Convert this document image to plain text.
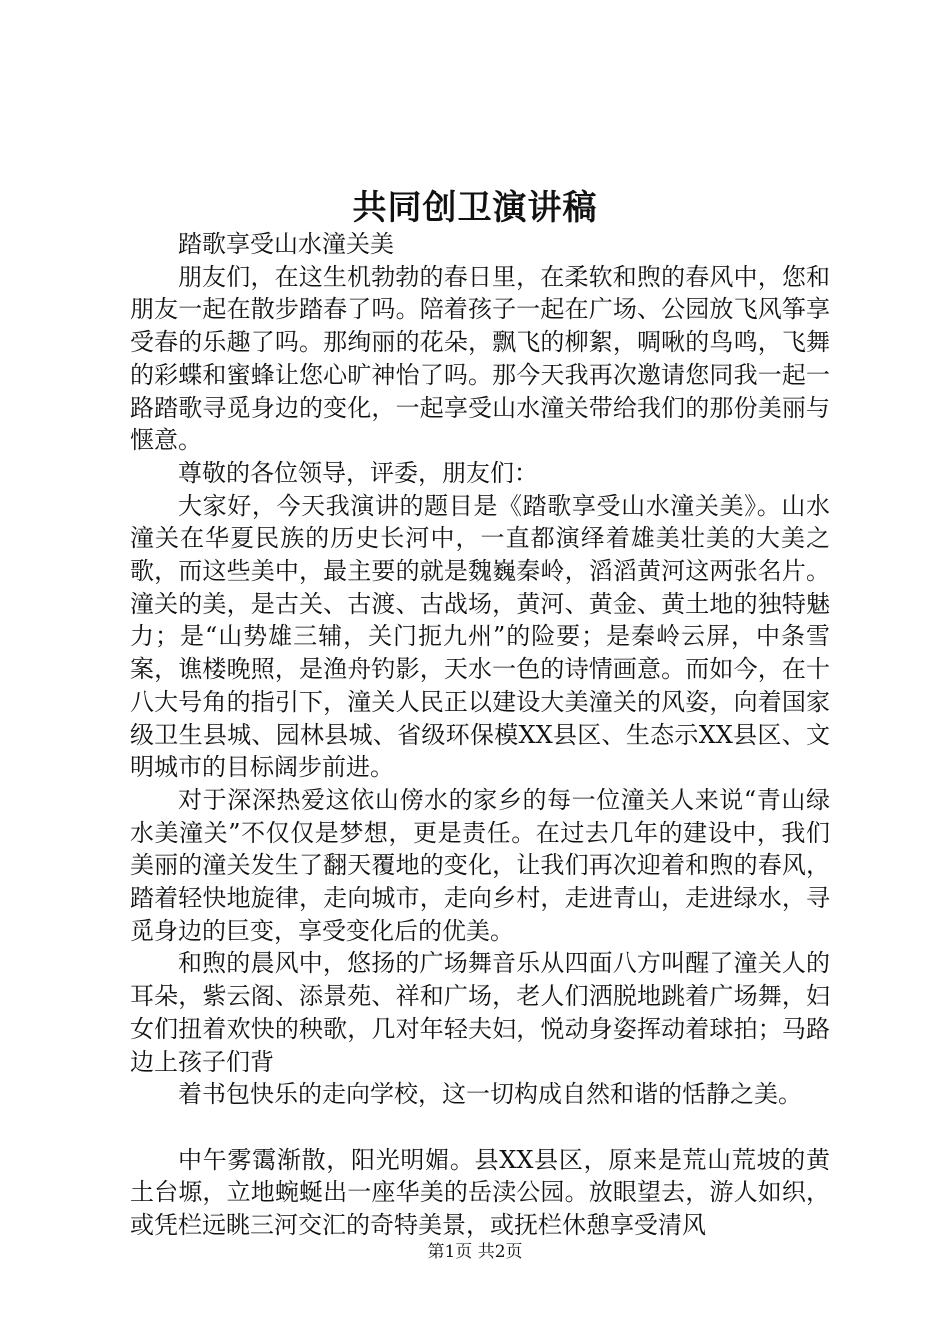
共同创卫演讲稿

踏歌享受山水潼关美

朋友们，在这生机勃勃的春日里，在柔软和煦的春风中，您和朋友一起在散步踏春了吗。陪着孩子一起在广场、公园放飞风筝享受春的乐趣了吗。那绚丽的花朵，飘飞的柳絮，啁啾的鸟鸣，飞舞的彩蝶和蜜蜂让您心旷神怡了吗。那今天我再次邀请您同我一起一路踏歌寻觅身边的变化，一起享受山水潼关带给我们的那份美丽与惬意。

尊敬的各位领导，评委，朋友们：

大家好，今天我演讲的题目是《踏歌享受山水潼关美》。山水潼关在华夏民族的历史长河中，一直都演绎着雄美壮美的大美之歌，而这些美中，最主要的就是魏巍秦岭，滔滔黄河这两张名片。潼关的美，是古关、古渡、古战场，黄河、黄金、黄土地的独特魅力；是“山势雄三辅，关门扼九州”的险要；是秦岭云屏，中条雪案，谯楼晚照，是渔舟钓影，天水一色的诗情画意。而如今，在十八大号角的指引下，潼关人民正以建设大美潼关的风姿，向着国家级卫生县城、园林县城、省级环保模XX县区、生态示XX县区、文明城市的目标阔步前进。

对于深深热爱这依山傍水的家乡的每一位潼关人来说“青山绿水美潼关”不仅仅是梦想，更是责任。在过去几年的建设中，我们美丽的潼关发生了翻天覆地的变化，让我们再次迎着和煦的春风，踏着轻快地旋律，走向城市，走向乡村，走进青山，走进绿水，寻觅身边的巨变，享受变化后的优美。

和煦的晨风中，悠扬的广场舞音乐从四面八方叫醒了潼关人的耳朵，紫云阁、添景苑、祥和广场，老人们洒脱地跳着广场舞，妇女们扭着欢快的秧歌，几对年轻夫妇，悦动身姿挥动着球拍；马路边上孩子们背

着书包快乐的走向学校，这一切构成自然和谐的恬静之美。

中午雾霭渐散，阳光明媚。县XX县区，原来是荒山荒坡的黄土台塬，立地蜿蜒出一座华美的岳渎公园。放眼望去，游人如织，或凭栏远眺三河交汇的奇特美景，或抚栏休憩享受清风

第1页 共2页
